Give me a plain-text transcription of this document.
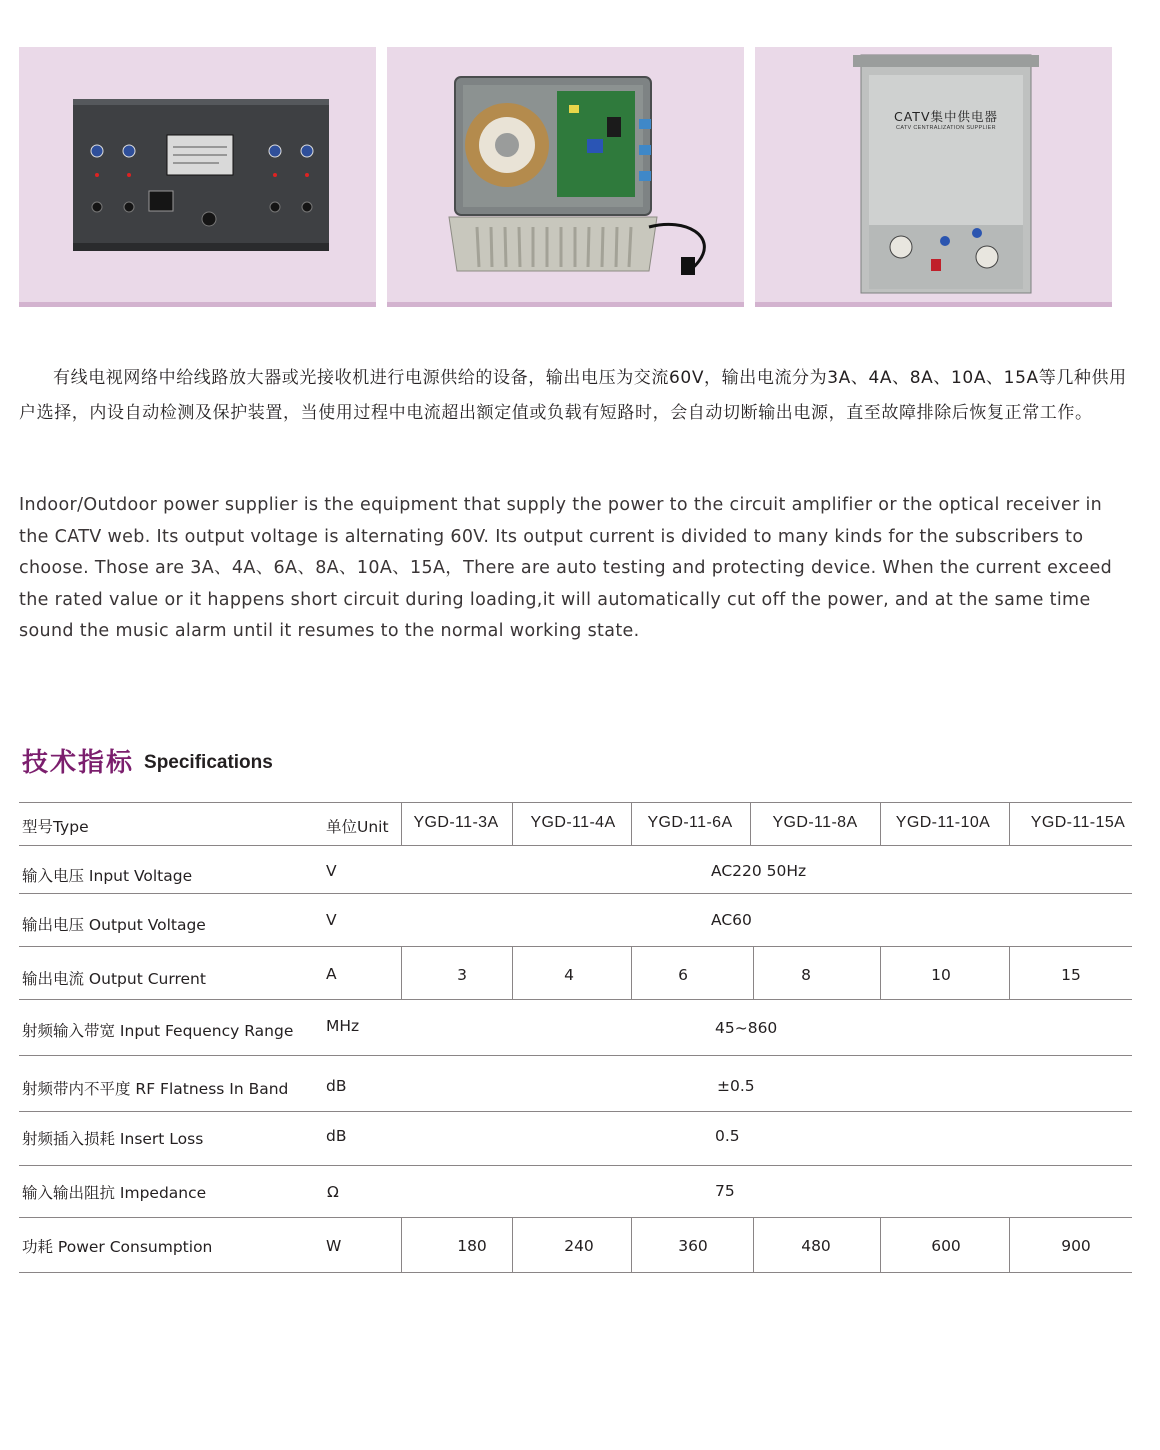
CATV集中供电器
CATV CENTRALIZATION SUPPLIER

有线电视网络中给线路放大器或光接收机进行电源供给的设备，输出电压为交流60V，输出电流分为3A、4A、8A、10A、15A等几种供用户选择，内设自动检测及保护装置，当使用过程中电流超出额定值或负载有短路时，会自动切断输出电源，直至故障排除后恢复正常工作。

Indoor/Outdoor power supplier is the equipment that supply the power to the circuit amplifier or the optical receiver in the CATV web. Its output voltage is alternating 60V. Its output current is divided to many kinds for the subscribers to choose. Those are 3A、4A、6A、8A、10A、15A，There are auto testing and protecting device. When the current exceed the rated value or it happens short circuit during loading,it will automatically cut off the power, and at the same time sound the music alarm until it resumes to the normal working state.

技术指标 Specifications
型号Type	单位Unit YGD-11-3A YGD-11-4A YGD-11-6A YGD-11-8A YGD-11-10A	YGD-11-15A
输入电压 Input Voltage	V	AC220 50Hz
输出电压 Output Voltage	V	AC60
输出电流 Output Current	A	3	4	6	8	10	15
射频输入带宽 Input Fequency Range MHz	45~860
射频带内不平度 RF Flatness In Band dB	±0.5
射频插入损耗 Insert Loss	dB	0.5
输入输出阻抗 Impedance	Ω	75
功耗 Power Consumption	W	180	240	360	480	600	900
